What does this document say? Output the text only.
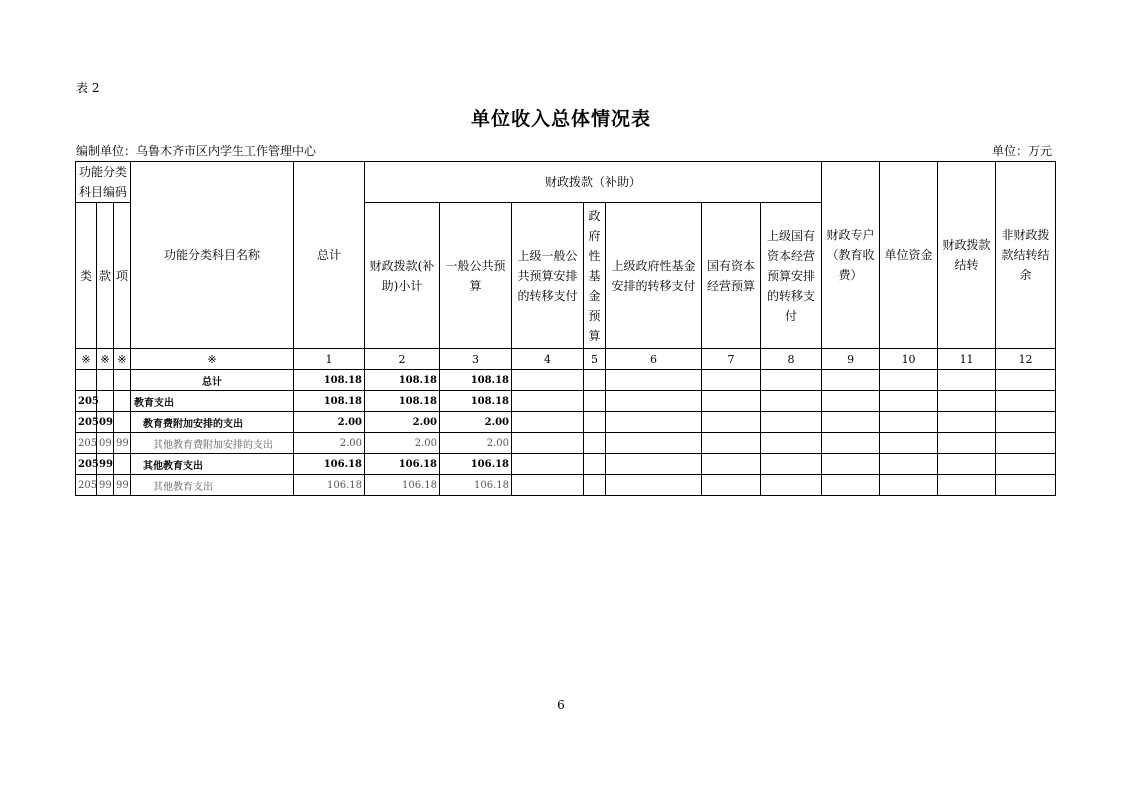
表 2
单位收入总体情况表
编制单位：乌鲁木齐市区内学生工作管理中心	单位：万元
功能分类科目编码			功能分类科目名称	总计	财政拨款（补助）							财政专户（教育收费）	单位资金	财政拨款结转	非财政拨款结转结余
类	款	项			财政拨款(补助)小计	一般公共预算	上级一般公共预算安排的转移支付	政府性基金预算	上级政府性基金安排的转移支付	国有资本经营预算	上级国有资本经营预算安排的转移支付				
※	※	※	※	1	2	3	4	5	6	7	8	9	10	11	12
			总计	108.18	108.18	108.18									
205			教育支出	108.18	108.18	108.18									
205	09		教育费附加安排的支出	2.00	2.00	2.00									
205	09	99	其他教育费附加安排的支出	2.00	2.00	2.00									
205	99		其他教育支出	106.18	106.18	106.18									
205	99	99	其他教育支出	106.18	106.18	106.18									
6
